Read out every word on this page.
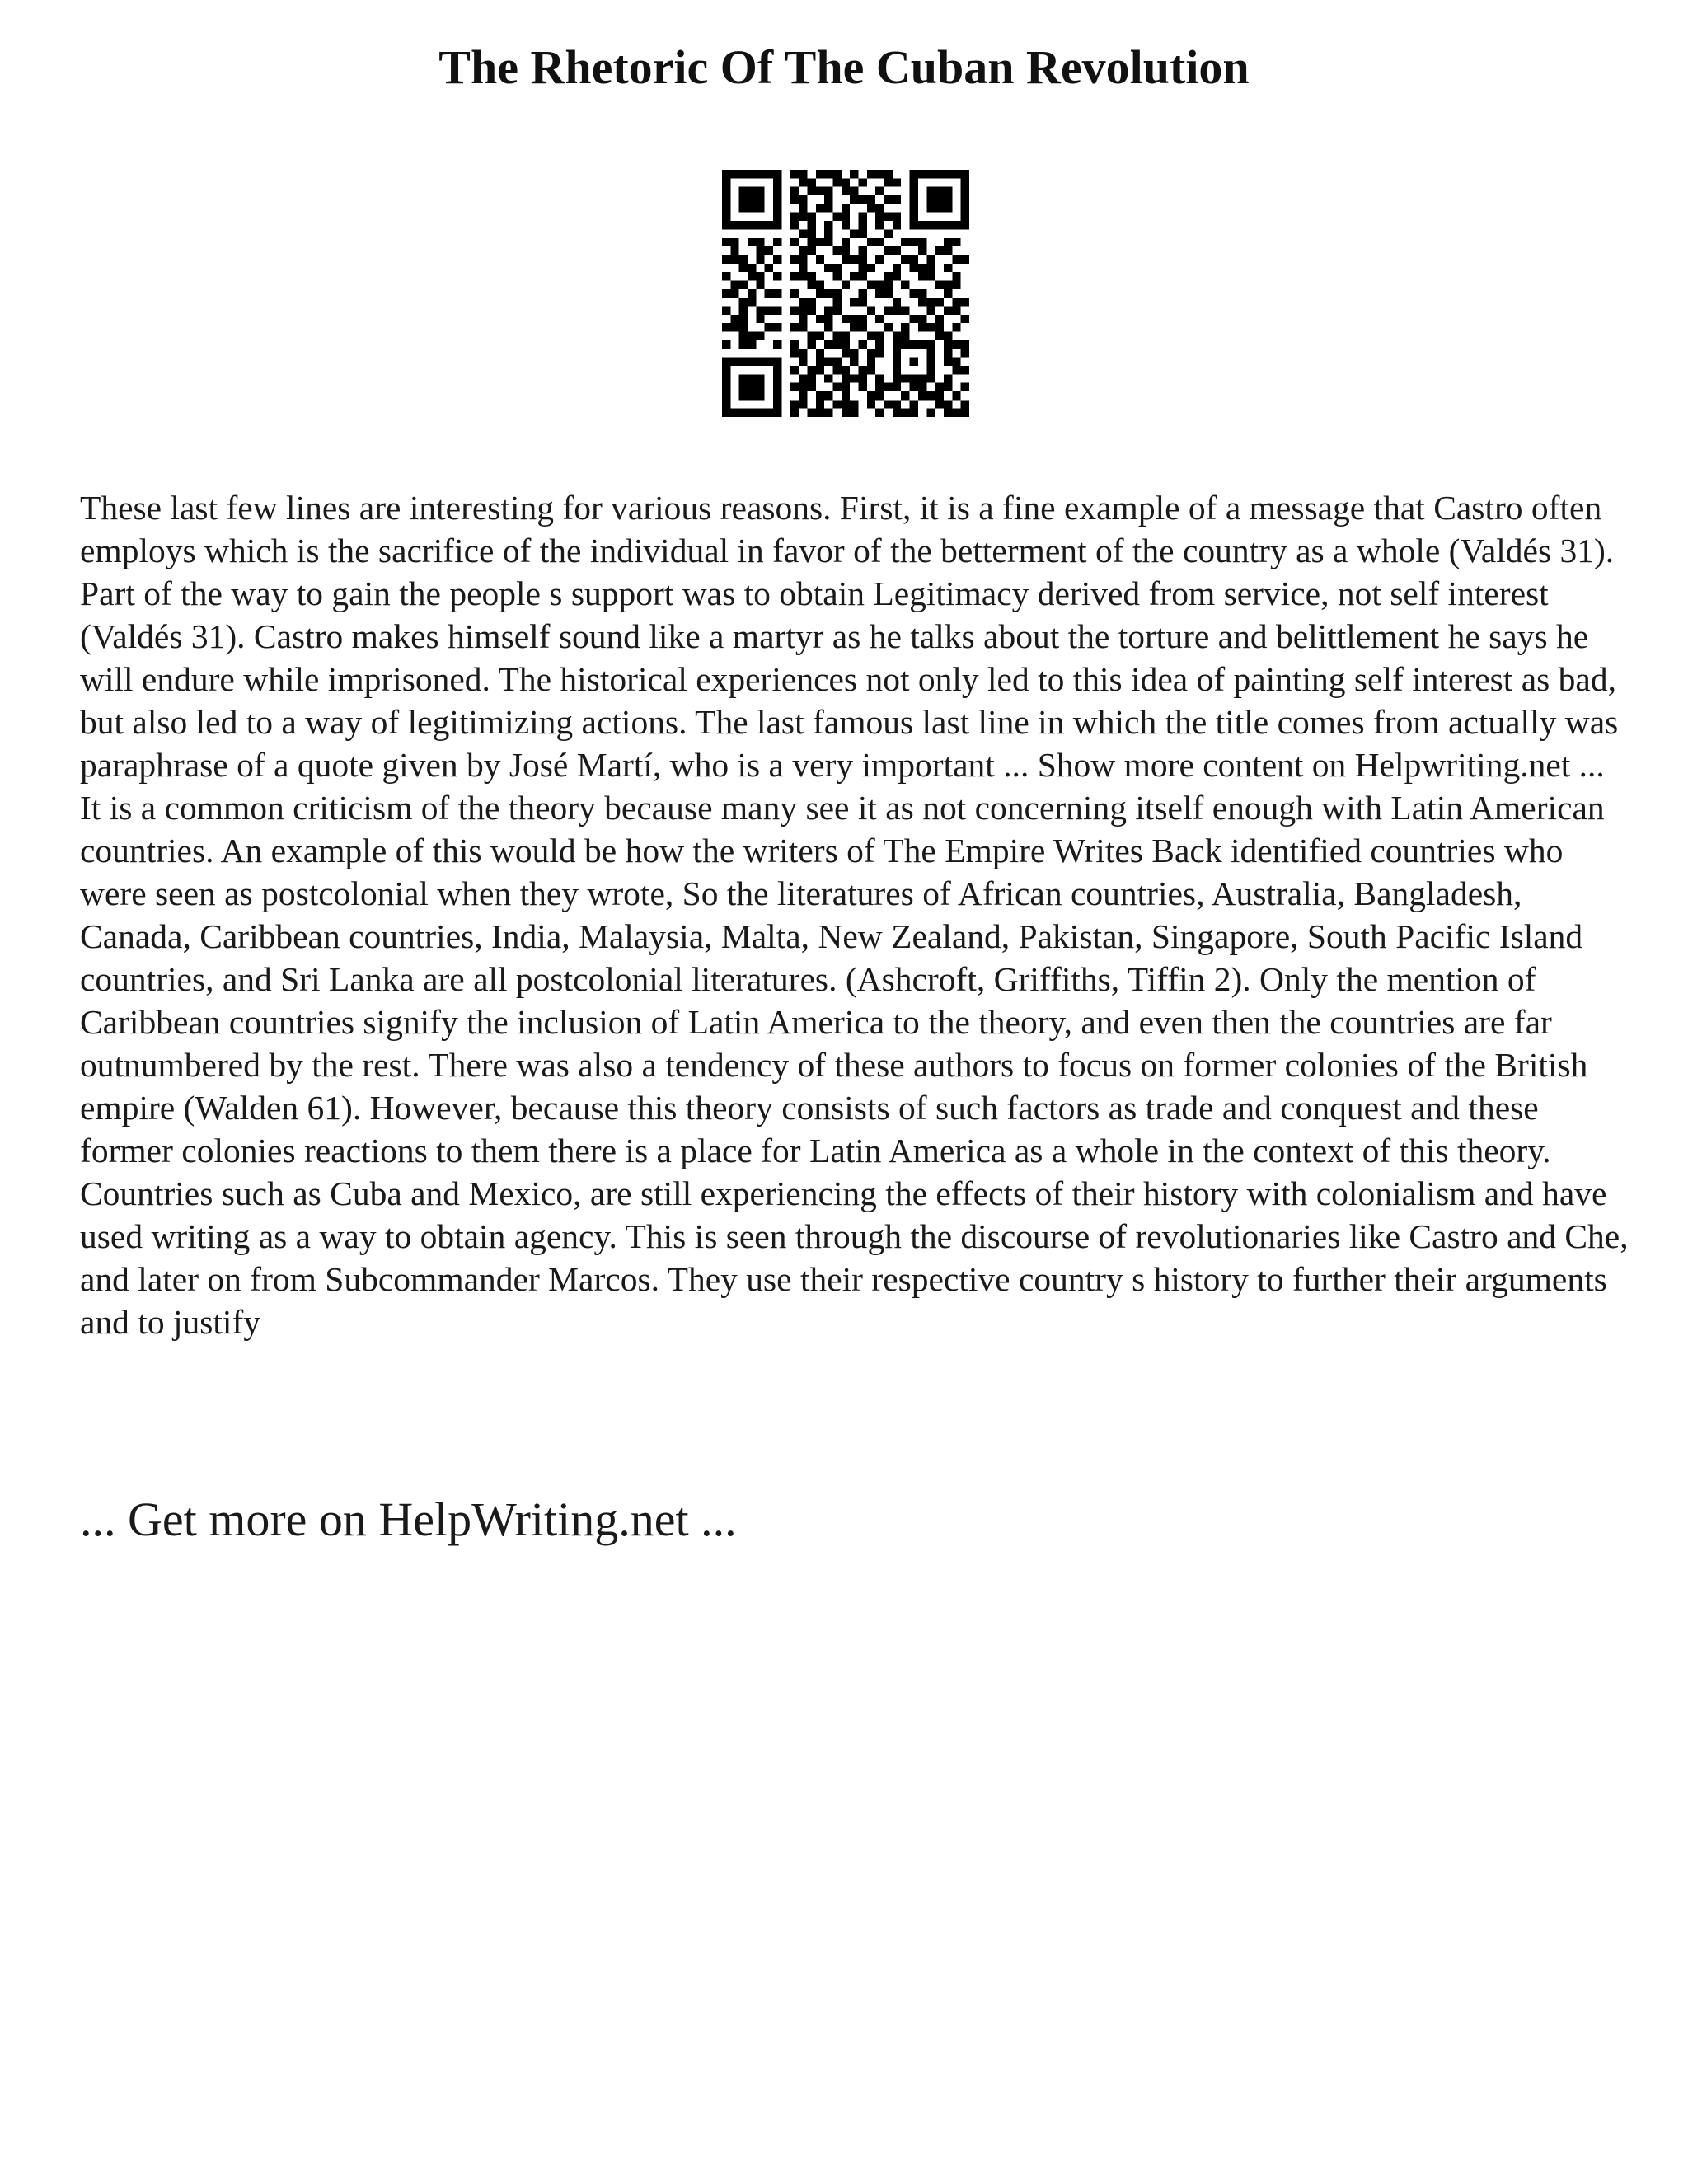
The Rhetoric Of The Cuban Revolution

These last few lines are interesting for various reasons. First, it is a fine example of a message that Castro often employs which is the sacrifice of the individual in favor of the betterment of the country as a whole (Valdés 31). Part of the way to gain the people s support was to obtain Legitimacy derived from service, not self interest (Valdés 31). Castro makes himself sound like a martyr as he talks about the torture and belittlement he says he will endure while imprisoned. The historical experiences not only led to this idea of painting self interest as bad, but also led to a way of legitimizing actions. The last famous last line in which the title comes from actually was paraphrase of a quote given by José Martí, who is a very important ... Show more content on Helpwriting.net ...

It is a common criticism of the theory because many see it as not concerning itself enough with Latin American countries. An example of this would be how the writers of The Empire Writes Back identified countries who were seen as postcolonial when they wrote, So the literatures of African countries, Australia, Bangladesh, Canada, Caribbean countries, India, Malaysia, Malta, New Zealand, Pakistan, Singapore, South Pacific Island countries, and Sri Lanka are all postcolonial literatures. (Ashcroft, Griffiths, Tiffin 2). Only the mention of Caribbean countries signify the inclusion of Latin America to the theory, and even then the countries are far outnumbered by the rest. There was also a tendency of these authors to focus on former colonies of the British empire (Walden 61). However, because this theory consists of such factors as trade and conquest and these former colonies reactions to them there is a place for Latin America as a whole in the context of this theory. Countries such as Cuba and Mexico, are still experiencing the effects of their history with colonialism and have used writing as a way to obtain agency. This is seen through the discourse of revolutionaries like Castro and Che, and later on from Subcommander Marcos. They use their respective country s history to further their arguments and to justify

... Get more on HelpWriting.net ...
